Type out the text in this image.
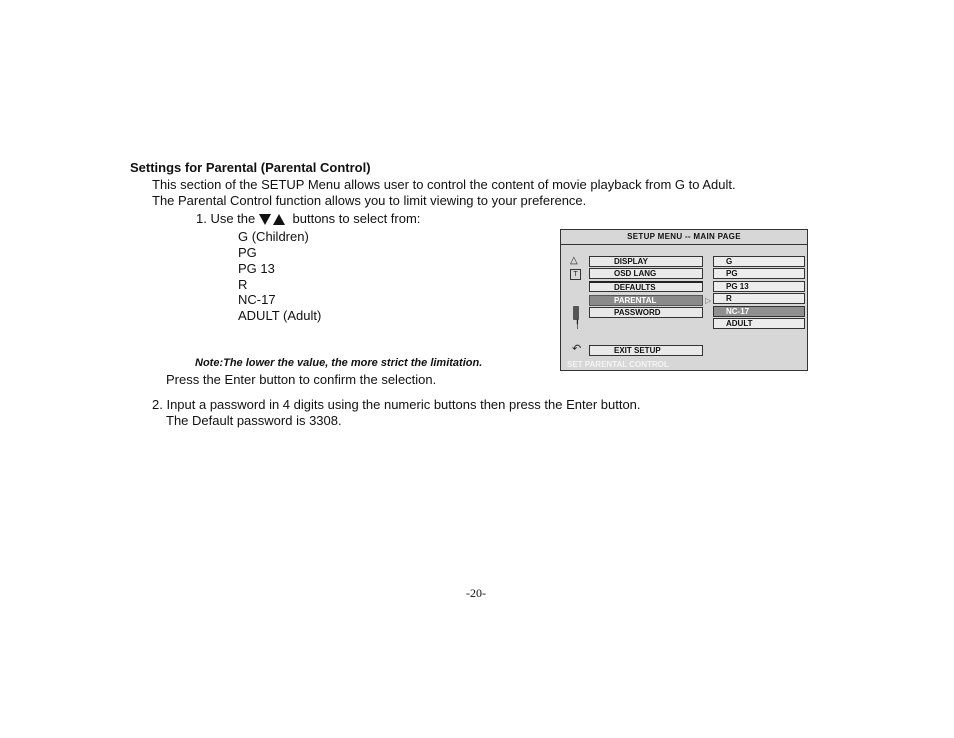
Settings for Parental (Parental Control)
This section of the SETUP Menu allows user to control the content of movie playback from G to Adult.
The Parental Control function allows you to limit viewing to your preference.
1. Use the	buttons to select from:
G (Children)
PG
PG 13
R
NC-17
ADULT (Adult)
Note:The lower the value, the more strict the limitation.
Press the Enter button to confirm the selection.
2. Input a password in 4 digits using the numeric buttons then press the Enter button.
The Default password is 3308.
SETUP MENU -- MAIN PAGE
△
T
╿
↶
DISPLAY
OSD LANG
DEFAULTS
PARENTAL
PASSWORD
▷
G
PG
PG 13
R
NC-17
ADULT
EXIT SETUP
SET PARENTAL CONTROL
-20-
